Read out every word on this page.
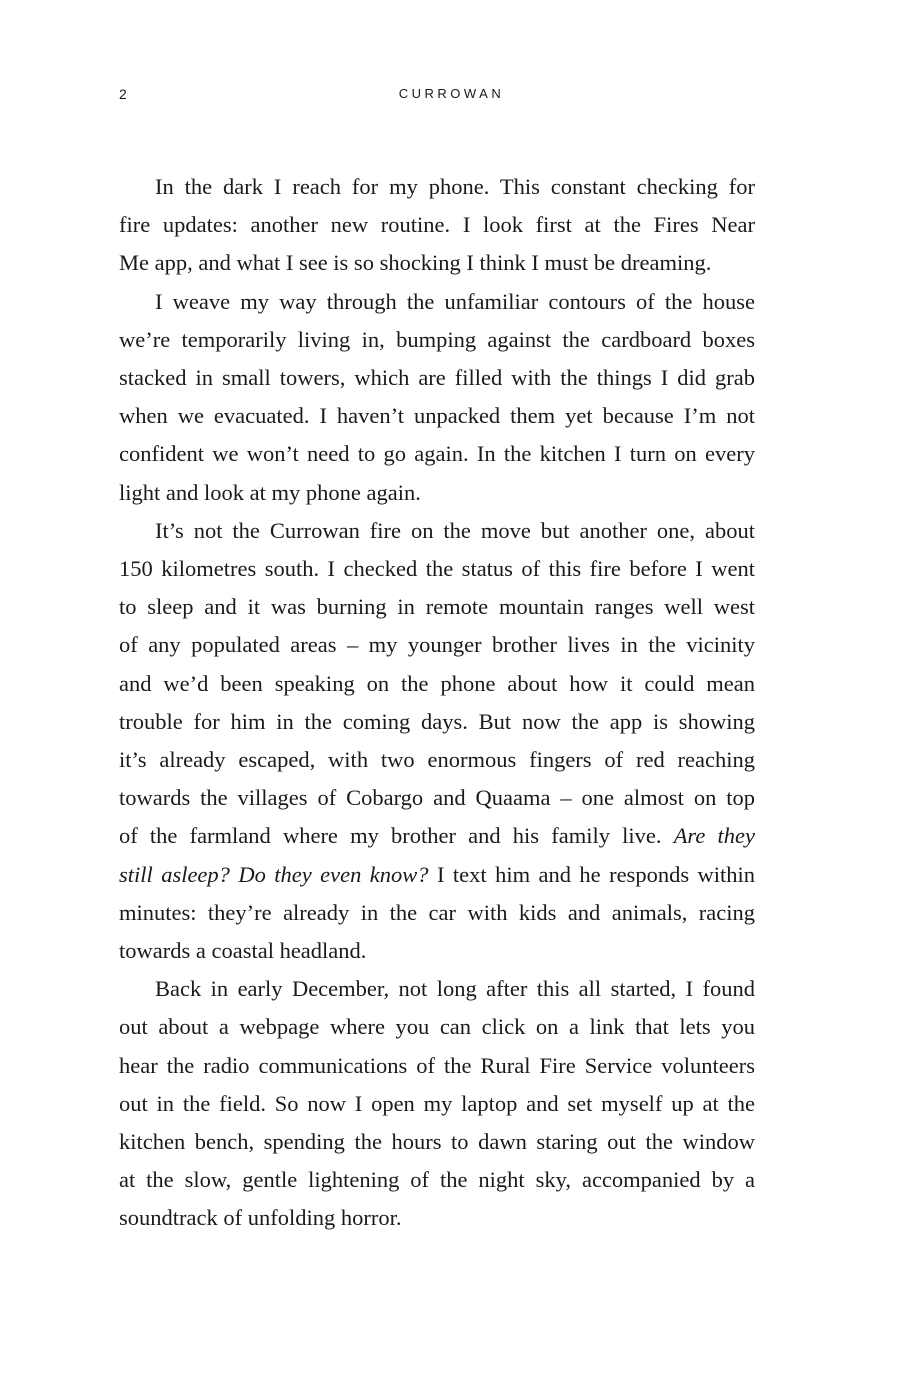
2	CURROWAN

In the dark I reach for my phone. This constant checking for
fire updates: another new routine. I look first at the Fires Near
Me app, and what I see is so shocking I think I must be dreaming.

I weave my way through the unfamiliar contours of the house
we’re temporarily living in, bumping against the cardboard boxes
stacked in small towers, which are filled with the things I did grab
when we evacuated. I haven’t unpacked them yet because I’m not
confident we won’t need to go again. In the kitchen I turn on every
light and look at my phone again.

It’s not the Currowan fire on the move but another one, about
150 kilometres south. I checked the status of this fire before I went
to sleep and it was burning in remote mountain ranges well west
of any populated areas – my younger brother lives in the vicinity
and we’d been speaking on the phone about how it could mean
trouble for him in the coming days. But now the app is showing
it’s already escaped, with two enormous fingers of red reaching
towards the villages of Cobargo and Quaama – one almost on top
of the farmland where my brother and his family live. Are they
still asleep? Do they even know? I text him and he responds within
minutes: they’re already in the car with kids and animals, racing
towards a coastal headland.

Back in early December, not long after this all started, I found
out about a webpage where you can click on a link that lets you
hear the radio communications of the Rural Fire Service volunteers
out in the field. So now I open my laptop and set myself up at the
kitchen bench, spending the hours to dawn staring out the window
at the slow, gentle lightening of the night sky, accompanied by a
soundtrack of unfolding horror.
